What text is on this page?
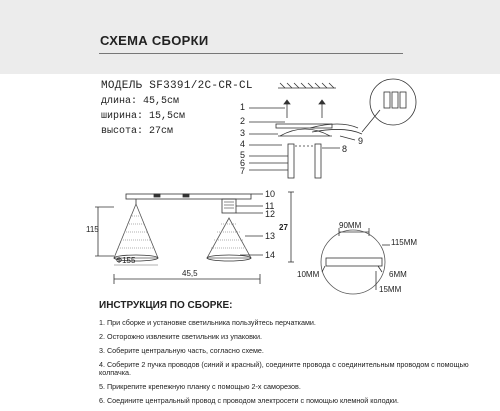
СХЕМА СБОРКИ
МОДЕЛЬ SF3391/2C-CR-CL
длина: 45,5см
ширина: 15,5см
высота: 27см
1
2
3
4
5
6
7
8
9
10
11
12
13
14
115
Ф155
45,5
27	90MM
115MM
10MM	6MM
15MM
ИНСТРУКЦИЯ ПО СБОРКЕ:
1. При сборке и установке светильника пользуйтесь перчатками.
2. Осторожно извлеките светильник из упаковки.
3. Соберите центральную часть, согласно схеме.
4. Соберите 2 пучка проводов (синий и красный), соедините провода с соединительным проводом с помощью колпачка.
5. Прикрепите крепежную планку с помощью 2-х саморезов.
6. Соедините центральный провод с проводом электросети с помощью клемной колодки.
